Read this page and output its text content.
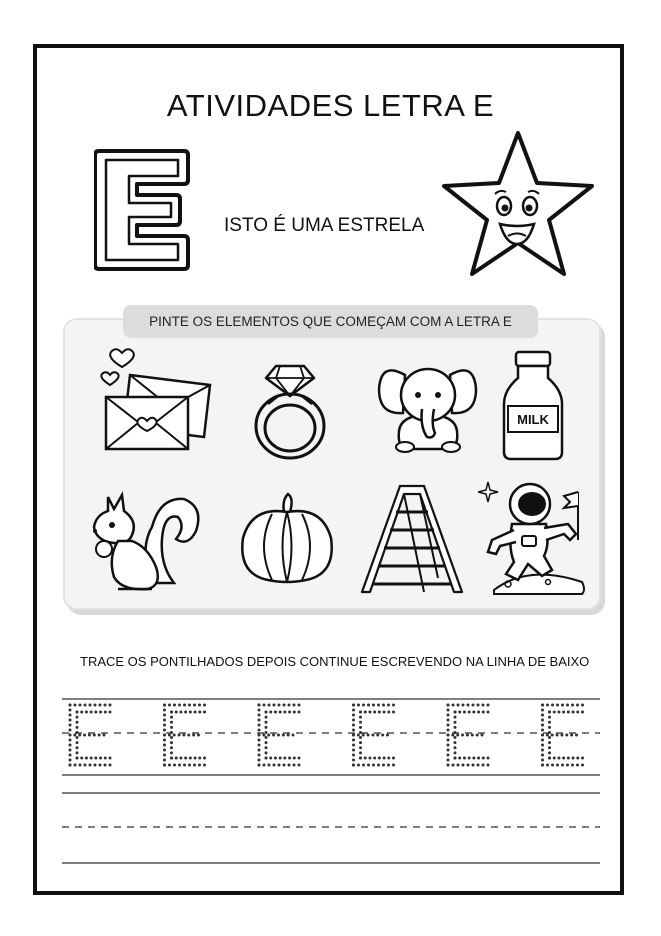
ATIVIDADES LETRA E
ISTO É UMA ESTRELA
PINTE OS ELEMENTOS QUE COMEÇAM COM A LETRA E
MILK
TRACE OS PONTILHADOS DEPOIS CONTINUE ESCREVENDO NA LINHA DE BAIXO
